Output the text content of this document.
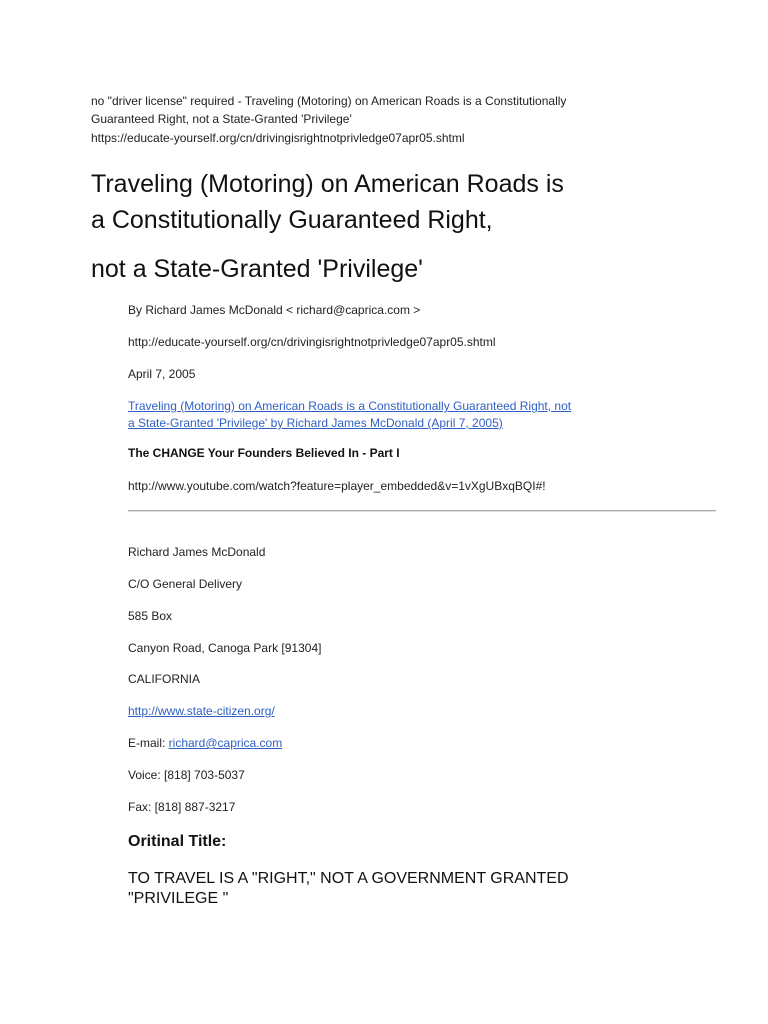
no "driver license" required - Traveling (Motoring) on American Roads is a Constitutionally

Guaranteed Right, not a State-Granted 'Privilege'

https://educate-yourself.org/cn/drivingisrightnotprivledge07apr05.shtml

Traveling (Motoring) on American Roads is
a Constitutionally Guaranteed Right,
not a State-Granted 'Privilege'

By Richard James McDonald < richard@caprica.com >

http://educate-yourself.org/cn/drivingisrightnotprivledge07apr05.shtml

April 7, 2005

Traveling (Motoring) on American Roads is a Constitutionally Guaranteed Right, not

a State-Granted 'Privilege' by Richard James McDonald (April 7, 2005)

The CHANGE Your Founders Believed In - Part I

http://www.youtube.com/watch?feature=player_embedded&v=1vXgUBxqBQI#!

Richard James McDonald

C/O General Delivery

585 Box

Canyon Road, Canoga Park [91304]

CALIFORNIA

http://www.state-citizen.org/

E-mail: richard@caprica.com

Voice: [818] 703-5037

Fax: [818] 887-3217

Oritinal Title:

TO TRAVEL IS A "RIGHT," NOT A GOVERNMENT GRANTED

"PRIVILEGE "
